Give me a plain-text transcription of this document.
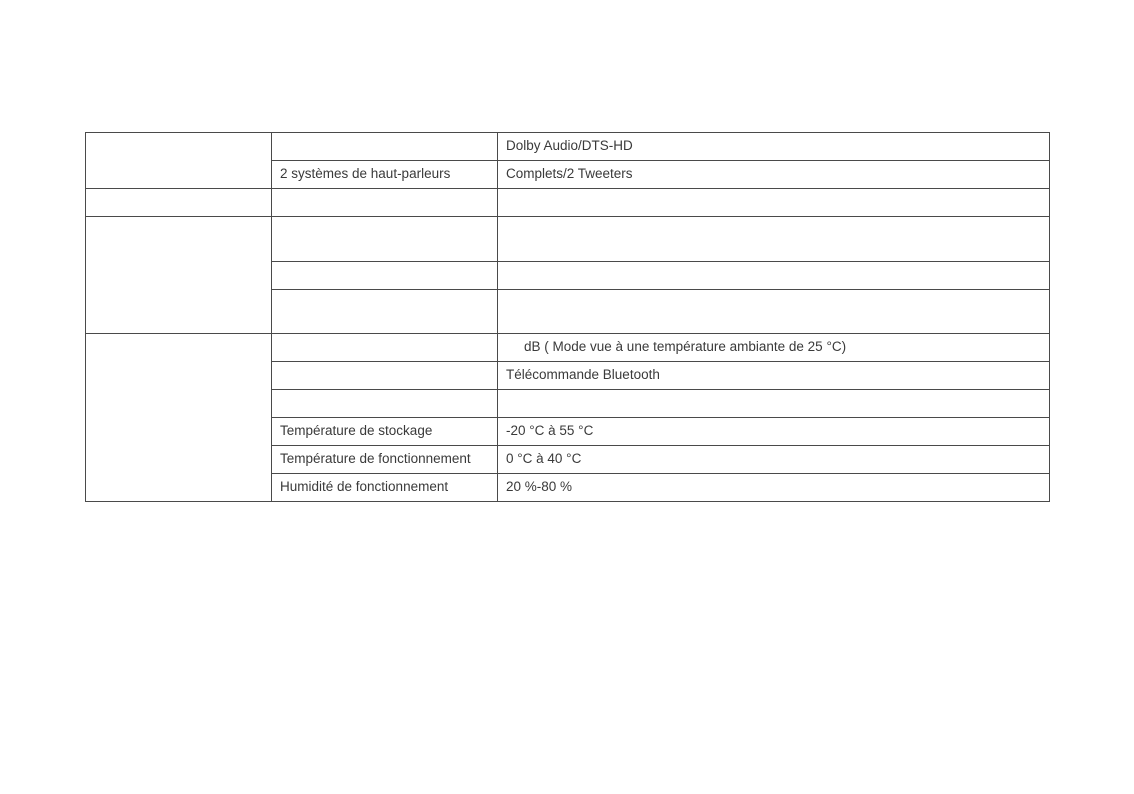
		Dolby Audio/DTS-HD
	2 systèmes de haut-parleurs	Complets/2 Tweeters

		dB ( Mode vue à une température ambiante de 25 °C)
		Télécommande Bluetooth

	Température de stockage	-20 °C à 55 °C
	Température de fonctionnement	0 °C à 40 °C
	Humidité de fonctionnement	20 %-80 %
